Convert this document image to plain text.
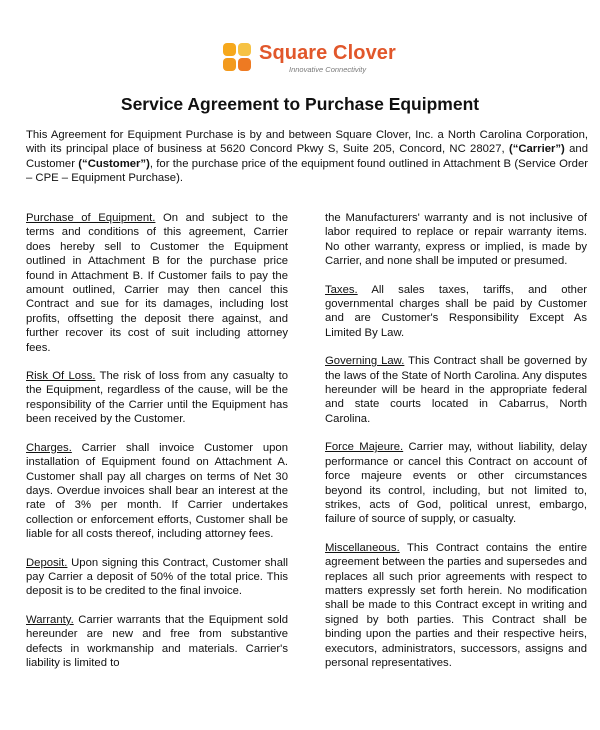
Square Clover
Innovative Connectivity
Service Agreement to Purchase Equipment
This Agreement for Equipment Purchase is by and between Square Clover, Inc. a North Carolina Corporation, with its principal place of business at 5620 Concord Pkwy S, Suite 205, Concord, NC 28027, (“Carrier”) and Customer (“Customer”), for the purchase price of the equipment found outlined in Attachment B (Service Order – CPE – Equipment Purchase).

Purchase of Equipment. On and subject to the terms and conditions of this agreement, Carrier does hereby sell to Customer the Equipment outlined in Attachment B for the purchase price found in Attachment B. If Customer fails to pay the amount outlined, Carrier may then cancel this Contract and sue for its damages, including lost profits, offsetting the deposit there against, and further recover its cost of suit including attorney fees.

Risk Of Loss. The risk of loss from any casualty to the Equipment, regardless of the cause, will be the responsibility of the Carrier until the Equipment has been received by the Customer.

Charges. Carrier shall invoice Customer upon installation of Equipment found on Attachment A. Customer shall pay all charges on terms of Net 30 days. Overdue invoices shall bear an interest at the rate of 3% per month. If Carrier undertakes collection or enforcement efforts, Customer shall be liable for all costs thereof, including attorney fees.

Deposit. Upon signing this Contract, Customer shall pay Carrier a deposit of 50% of the total price. This deposit is to be credited to the final invoice.

Warranty. Carrier warrants that the Equipment sold hereunder are new and free from substantive defects in workmanship and materials. Carrier's liability is limited to

the Manufacturers' warranty and is not inclusive of labor required to replace or repair warranty items. No other warranty, express or implied, is made by Carrier, and none shall be imputed or presumed.

Taxes. All sales taxes, tariffs, and other governmental charges shall be paid by Customer and are Customer's Responsibility Except As Limited By Law.

Governing Law. This Contract shall be governed by the laws of the State of North Carolina. Any disputes hereunder will be heard in the appropriate federal and state courts located in Cabarrus, North Carolina.

Force Majeure. Carrier may, without liability, delay performance or cancel this Contract on account of force majeure events or other circumstances beyond its control, including, but not limited to, strikes, acts of God, political unrest, embargo, failure of source of supply, or casualty.

Miscellaneous. This Contract contains the entire agreement between the parties and supersedes and replaces all such prior agreements with respect to matters expressly set forth herein. No modification shall be made to this Contract except in writing and signed by both parties. This Contract shall be binding upon the parties and their respective heirs, executors, administrators, successors, assigns and personal representatives.
